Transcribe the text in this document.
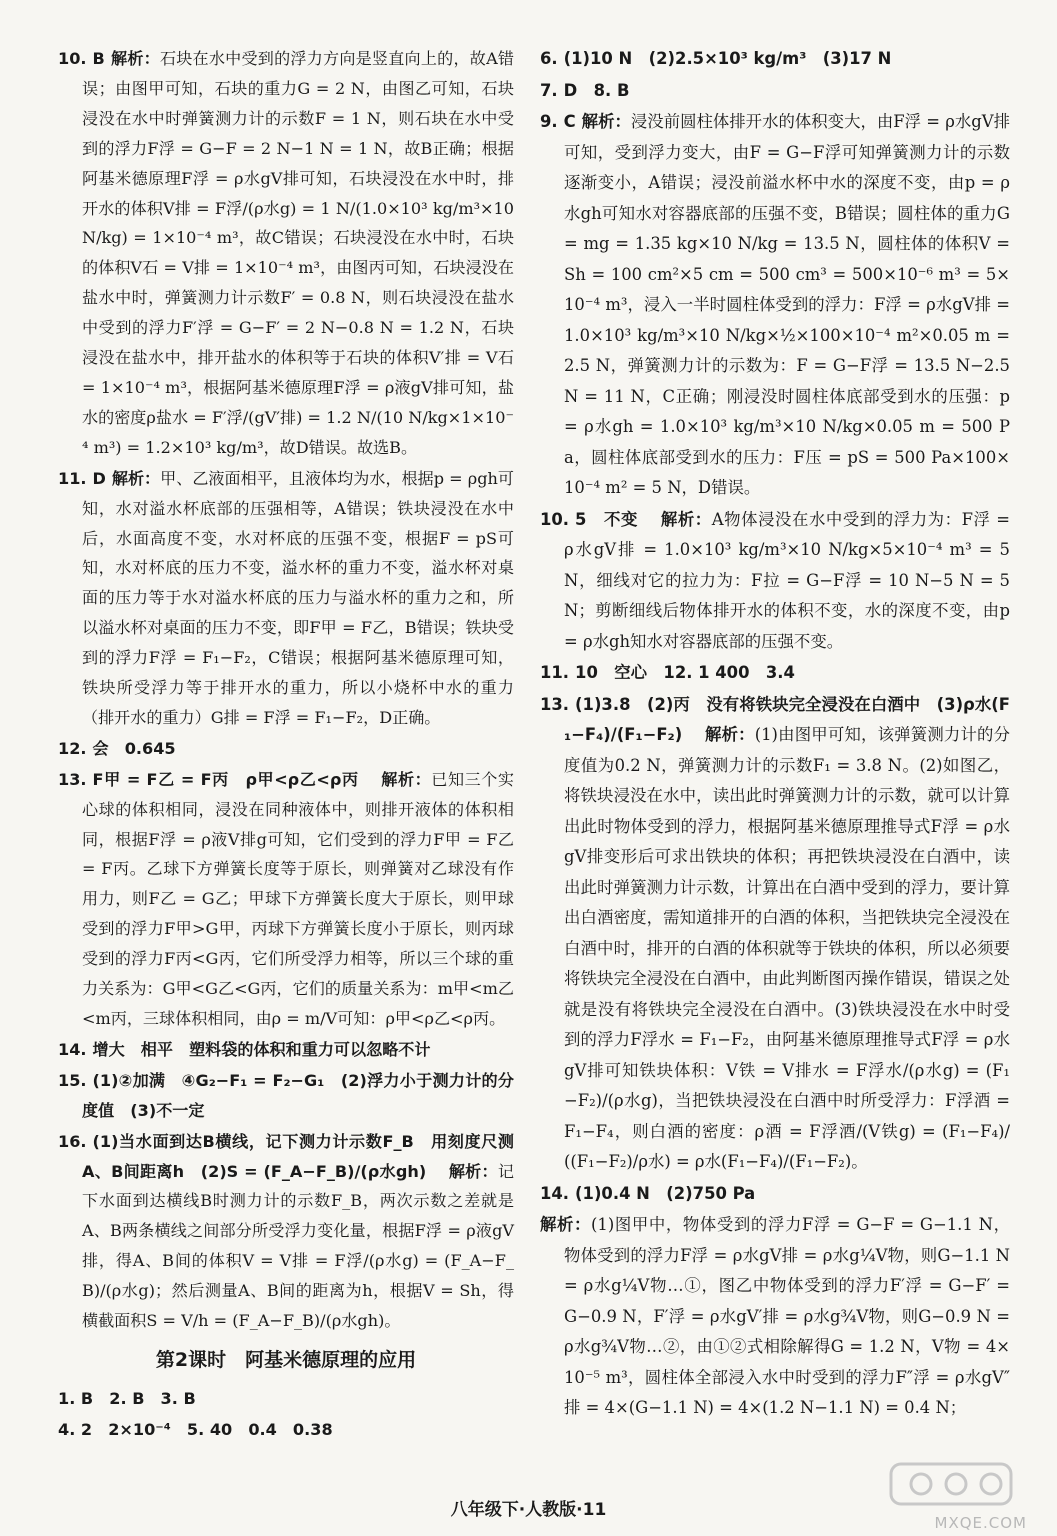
10. B 解析：石块在水中受到的浮力方向是竖直向上的，故A错误；由图甲可知，石块的重力G = 2 N，由图乙可知，石块浸没在水中时弹簧测力计的示数F = 1 N，则石块在水中受到的浮力F浮 = G−F = 2 N−1 N = 1 N，故B正确；根据阿基米德原理F浮 = ρ水gV排可知，石块浸没在水中时，排开水的体积V排 = F浮/(ρ水g) = 1 N/(1.0×10³ kg/m³×10 N/kg) = 1×10⁻⁴ m³，故C错误；石块浸没在水中时，石块的体积V石 = V排 = 1×10⁻⁴ m³，由图丙可知，石块浸没在盐水中时，弹簧测力计示数F′ = 0.8 N，则石块浸没在盐水中受到的浮力F′浮 = G−F′ = 2 N−0.8 N = 1.2 N，石块浸没在盐水中，排开盐水的体积等于石块的体积V′排 = V石 = 1×10⁻⁴ m³，根据阿基米德原理F浮 = ρ液gV排可知，盐水的密度ρ盐水 = F′浮/(gV′排) = 1.2 N/(10 N/kg×1×10⁻⁴ m³) = 1.2×10³ kg/m³，故D错误。故选B。
11. D 解析：甲、乙液面相平，且液体均为水，根据p = ρgh可知，水对溢水杯底部的压强相等，A错误；铁块浸没在水中后，水面高度不变，水对杯底的压强不变，根据F = pS可知，水对杯底的压力不变，溢水杯的重力不变，溢水杯对桌面的压力等于水对溢水杯底的压力与溢水杯的重力之和，所以溢水杯对桌面的压力不变，即F甲 = F乙，B错误；铁块受到的浮力F浮 = F₁−F₂，C错误；根据阿基米德原理可知，铁块所受浮力等于排开水的重力，所以小烧杯中水的重力（排开水的重力）G排 = F浮 = F₁−F₂，D正确。
12. 会　0.645
13. F甲 = F乙 = F丙　ρ甲<ρ乙<ρ丙　解析：已知三个实心球的体积相同，浸没在同种液体中，则排开液体的体积相同，根据F浮 = ρ液V排g可知，它们受到的浮力F甲 = F乙 = F丙。乙球下方弹簧长度等于原长，则弹簧对乙球没有作用力，则F乙 = G乙；甲球下方弹簧长度大于原长，则甲球受到的浮力F甲>G甲，丙球下方弹簧长度小于原长，则丙球受到的浮力F丙<G丙，它们所受浮力相等，所以三个球的重力关系为：G甲<G乙<G丙，它们的质量关系为：m甲<m乙<m丙，三球体积相同，由ρ = m/V可知：ρ甲<ρ乙<ρ丙。
14. 增大　相平　塑料袋的体积和重力可以忽略不计
15. (1)②加满　④G₂−F₁ = F₂−G₁　(2)浮力小于测力计的分度值　(3)不一定
16. (1)当水面到达B横线，记下测力计示数F_B　用刻度尺测A、B间距离h　(2)S = (F_A−F_B)/(ρ水gh)　解析：记下水面到达横线B时测力计的示数F_B，两次示数之差就是A、B两条横线之间部分所受浮力变化量，根据F浮 = ρ液gV排，得A、B间的体积V = V排 = F浮/(ρ水g) = (F_A−F_B)/(ρ水g)；然后测量A、B间的距离为h，根据V = Sh，得横截面积S = V/h = (F_A−F_B)/(ρ水gh)。
第2课时　阿基米德原理的应用
1. B　2. B　3. B
4. 2　2×10⁻⁴　5. 40　0.4　0.38
6. (1)10 N　(2)2.5×10³ kg/m³　(3)17 N
7. D　8. B
9. C 解析：浸没前圆柱体排开水的体积变大，由F浮 = ρ水gV排可知，受到浮力变大，由F = G−F浮可知弹簧测力计的示数逐渐变小，A错误；浸没前溢水杯中水的深度不变，由p = ρ水gh可知水对容器底部的压强不变，B错误；圆柱体的重力G = mg = 1.35 kg×10 N/kg = 13.5 N，圆柱体的体积V = Sh = 100 cm²×5 cm = 500 cm³ = 500×10⁻⁶ m³ = 5×10⁻⁴ m³，浸入一半时圆柱体受到的浮力：F浮 = ρ水gV排 = 1.0×10³ kg/m³×10 N/kg×½×100×10⁻⁴ m²×0.05 m = 2.5 N，弹簧测力计的示数为：F = G−F浮 = 13.5 N−2.5 N = 11 N，C正确；刚浸没时圆柱体底部受到水的压强：p = ρ水gh = 1.0×10³ kg/m³×10 N/kg×0.05 m = 500 Pa，圆柱体底部受到水的压力：F压 = pS = 500 Pa×100×10⁻⁴ m² = 5 N，D错误。
10. 5　不变　解析：A物体浸没在水中受到的浮力为：F浮 = ρ水gV排 = 1.0×10³ kg/m³×10 N/kg×5×10⁻⁴ m³ = 5 N，细线对它的拉力为：F拉 = G−F浮 = 10 N−5 N = 5 N；剪断细线后物体排开水的体积不变，水的深度不变，由p = ρ水gh知水对容器底部的压强不变。
11. 10　空心　12. 1 400　3.4
13. (1)3.8　(2)丙　没有将铁块完全浸没在白酒中　(3)ρ水(F₁−F₄)/(F₁−F₂)　解析：(1)由图甲可知，该弹簧测力计的分度值为0.2 N，弹簧测力计的示数F₁ = 3.8 N。(2)如图乙，将铁块浸没在水中，读出此时弹簧测力计的示数，就可以计算出此时物体受到的浮力，根据阿基米德原理推导式F浮 = ρ水gV排变形后可求出铁块的体积；再把铁块浸没在白酒中，读出此时弹簧测力计示数，计算出在白酒中受到的浮力，要计算出白酒密度，需知道排开的白酒的体积，当把铁块完全浸没在白酒中时，排开的白酒的体积就等于铁块的体积，所以必须要将铁块完全浸没在白酒中，由此判断图丙操作错误，错误之处就是没有将铁块完全浸没在白酒中。(3)铁块浸没在水中时受到的浮力F浮水 = F₁−F₂，由阿基米德原理推导式F浮 = ρ水gV排可知铁块体积：V铁 = V排水 = F浮水/(ρ水g) = (F₁−F₂)/(ρ水g)，当把铁块浸没在白酒中时所受浮力：F浮酒 = F₁−F₄，则白酒的密度：ρ酒 = F浮酒/(V铁g) = (F₁−F₄)/((F₁−F₂)/ρ水) = ρ水(F₁−F₄)/(F₁−F₂)。
14. (1)0.4 N　(2)750 Pa
解析：(1)图甲中，物体受到的浮力F浮 = G−F = G−1.1 N，物体受到的浮力F浮 = ρ水gV排 = ρ水g¼V物，则G−1.1 N = ρ水g¼V物…①，图乙中物体受到的浮力F′浮 = G−F′ = G−0.9 N，F′浮 = ρ水gV′排 = ρ水g¾V物，则G−0.9 N = ρ水g¾V物…②，由①②式相除解得G = 1.2 N，V物 = 4×10⁻⁵ m³，圆柱体全部浸入水中时受到的浮力F″浮 = ρ水gV″排 = 4×(G−1.1 N) = 4×(1.2 N−1.1 N) = 0.4 N；
八年级下·人教版·11
MXQE.COM
